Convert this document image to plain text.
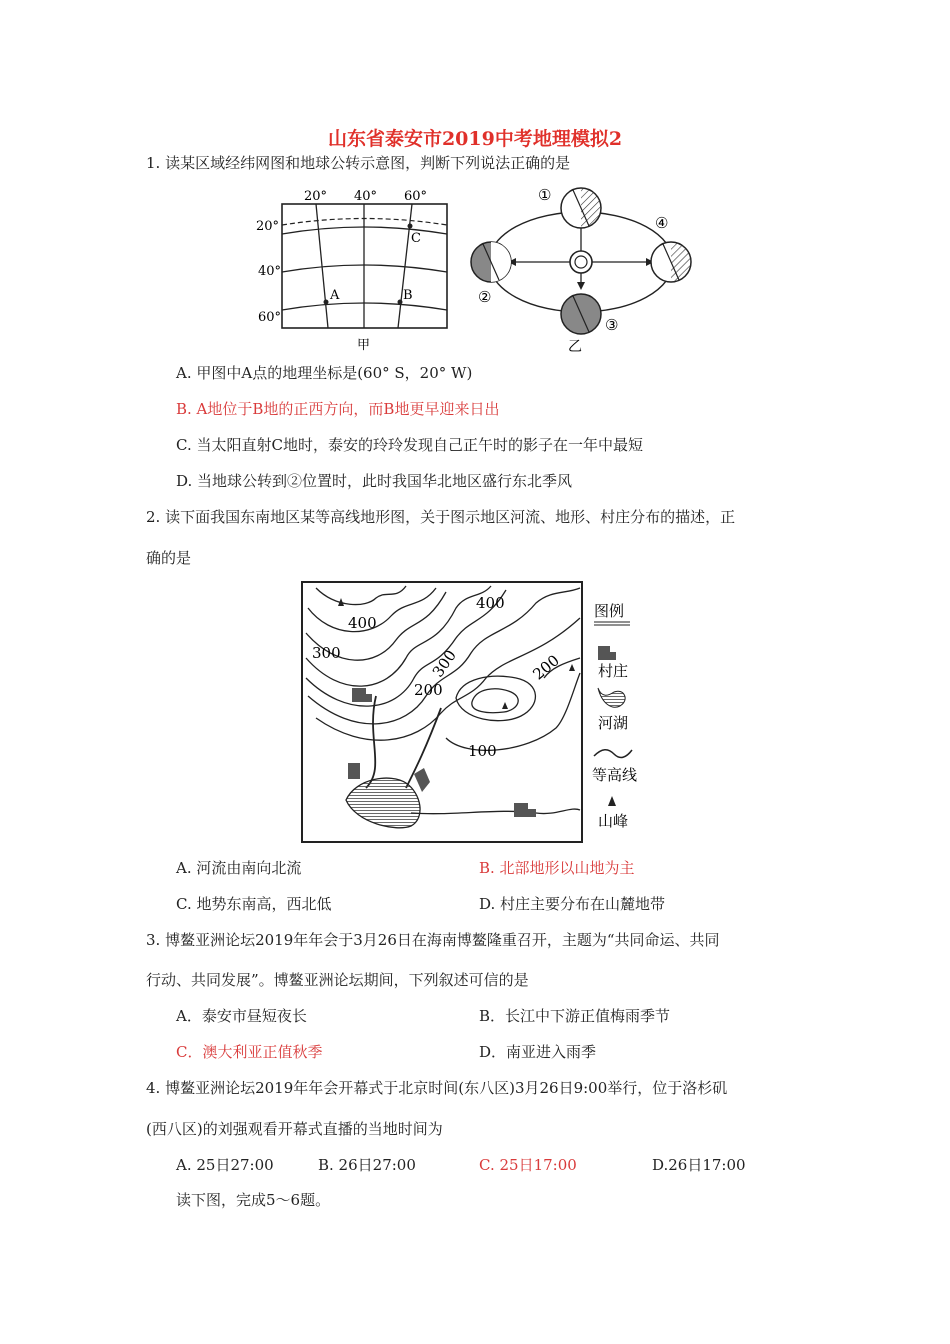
山东省泰安市2019中考地理模拟2
1. 读某区域经纬网图和地球公转示意图，判断下列说法正确的是
20° 40° 60°
20°
40°
60°
A	B
C
甲
①
②
③
④
乙
A. 甲图中A点的地理坐标是(60° S，20° W)
B. A地位于B地的正西方向，而B地更早迎来日出
C. 当太阳直射C地时，泰安的玲玲发现自己正午时的影子在一年中最短
D. 当地球公转到②位置时，此时我国华北地区盛行东北季风
2. 读下面我国东南地区某等高线地形图，关于图示地区河流、地形、村庄分布的描述，正
确的是
400
300
400
300
200
200
100
图例
村庄
河湖
等高线
山峰
A. 河流由南向北流	B. 北部地形以山地为主
C. 地势东南高，西北低	D. 村庄主要分布在山麓地带
3. 博鳌亚洲论坛2019年年会于3月26日在海南博鳌隆重召开，主题为“共同命运、共同
行动、共同发展”。博鳌亚洲论坛期间，下列叙述可信的是
A．泰安市昼短夜长	B．长江中下游正值梅雨季节
C．澳大利亚正值秋季	D．南亚进入雨季
4. 博鳌亚洲论坛2019年年会开幕式于北京时间(东八区)3月26日9:00举行，位于洛杉矶
(西八区)的刘强观看开幕式直播的当地时间为
A. 25日27:00	B. 26日27:00	C. 25日17:00	D.26日17:00
读下图，完成5～6题。
